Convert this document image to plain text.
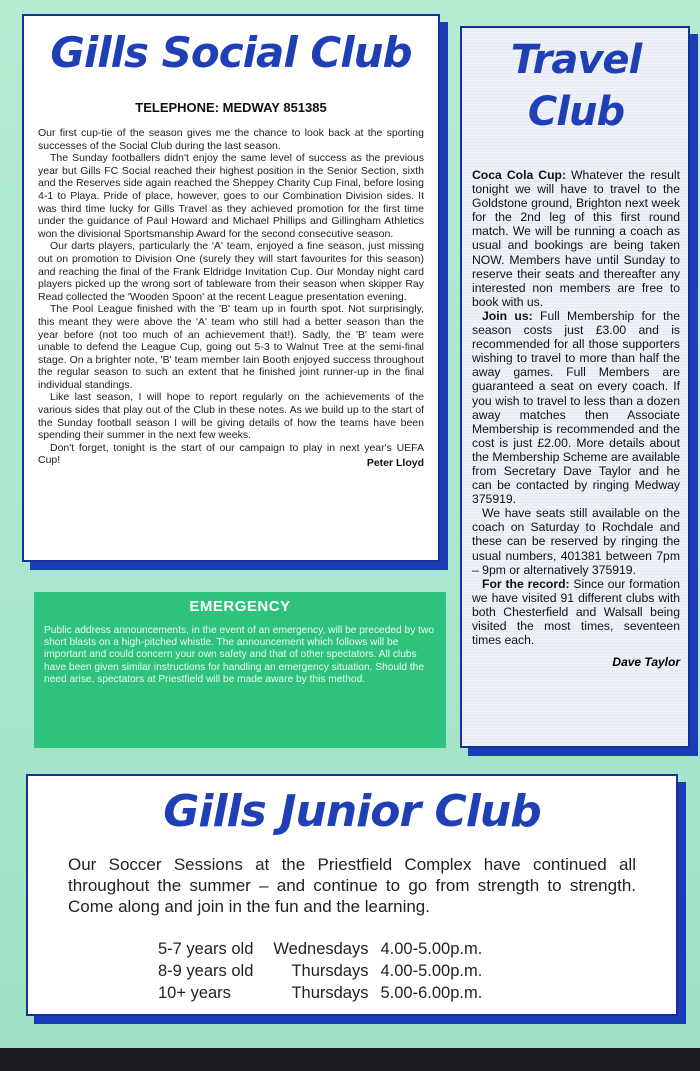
Gills Social Club
TELEPHONE: MEDWAY 851385

Our first cup-tie of the season gives me the chance to look back at the sporting successes of the Social Club during the last season.

The Sunday footballers didn't enjoy the same level of success as the previous year but Gills FC Social reached their highest position in the Senior Section, sixth and the Reserves side again reached the Sheppey Charity Cup Final, before losing 4-1 to Playa. Pride of place, however, goes to our Combination Division sides. It was third time lucky for Gills Travel as they achieved promotion for the first time under the guidance of Paul Howard and Michael Phillips and Gillingham Athletics won the divisional Sportsmanship Award for the second consecutive season.

Our darts players, particularly the 'A' team, enjoyed a fine season, just missing out on promotion to Division One (surely they will start favourites for this season) and reaching the final of the Frank Eldridge Invitation Cup. Our Monday night card players picked up the wrong sort of tableware from their season when skipper Ray Read collected the 'Wooden Spoon' at the recent League presentation evening.

The Pool League finished with the 'B' team up in fourth spot. Not surprisingly, this meant they were above the 'A' team who still had a better season than the year before (not too much of an achievement that!). Sadly, the 'B' team were unable to defend the League Cup, going out 5-3 to Walnut Tree at the semi-final stage. On a brighter note, 'B' team member Iain Booth enjoyed success throughout the regular season to such an extent that he finished joint runner-up in the final individual standings.

Like last season, I will hope to report regularly on the achievements of the various sides that play out of the Club in these notes. As we build up to the start of the Sunday football season I will be giving details of how the teams have been spending their summer in the next few weeks.

Don't forget, tonight is the start of our campaign to play in next year's UEFA Cup!	Peter Lloyd
EMERGENCY

Public address announcements, in the event of an emergency, will be preceded by two short blasts on a high-pitched whistle. The announcement which follows will be important and could concern your own safety and that of other spectators. All clubs have been given similar instructions for handling an emergency situation. Should the need arise, spectators at Priestfield will be made aware by this method.

Travel Club

Coca Cola Cup: Whatever the result tonight we will have to travel to the Goldstone ground, Brighton next week for the 2nd leg of this first round match. We will be running a coach as usual and bookings are being taken NOW. Members have until Sunday to reserve their seats and thereafter any interested non members are free to book with us.

Join us: Full Membership for the season costs just £3.00 and is recommended for all those supporters wishing to travel to more than half the away games. Full Members are guaranteed a seat on every coach. If you wish to travel to less than a dozen away matches then Associate Membership is recommended and the cost is just £2.00. More details about the Membership Scheme are available from Secretary Dave Taylor and he can be contacted by ringing Medway 375919.

We have seats still available on the coach on Saturday to Rochdale and these can be reserved by ringing the usual numbers, 401381 between 7pm – 9pm or alternatively 375919.

For the record: Since our formation we have visited 91 different clubs with both Chesterfield and Walsall being visited the most times, seventeen times each.

Dave Taylor
Gills Junior Club
Our Soccer Sessions at the Priestfield Complex have continued all throughout the summer – and continue to go from strength to strength. Come along and join in the fun and the learning.
5-7 years old	Wednesdays	4.00-5.00p.m.
8-9 years old	Thursdays	4.00-5.00p.m.
10+ years	Thursdays	5.00-6.00p.m.
